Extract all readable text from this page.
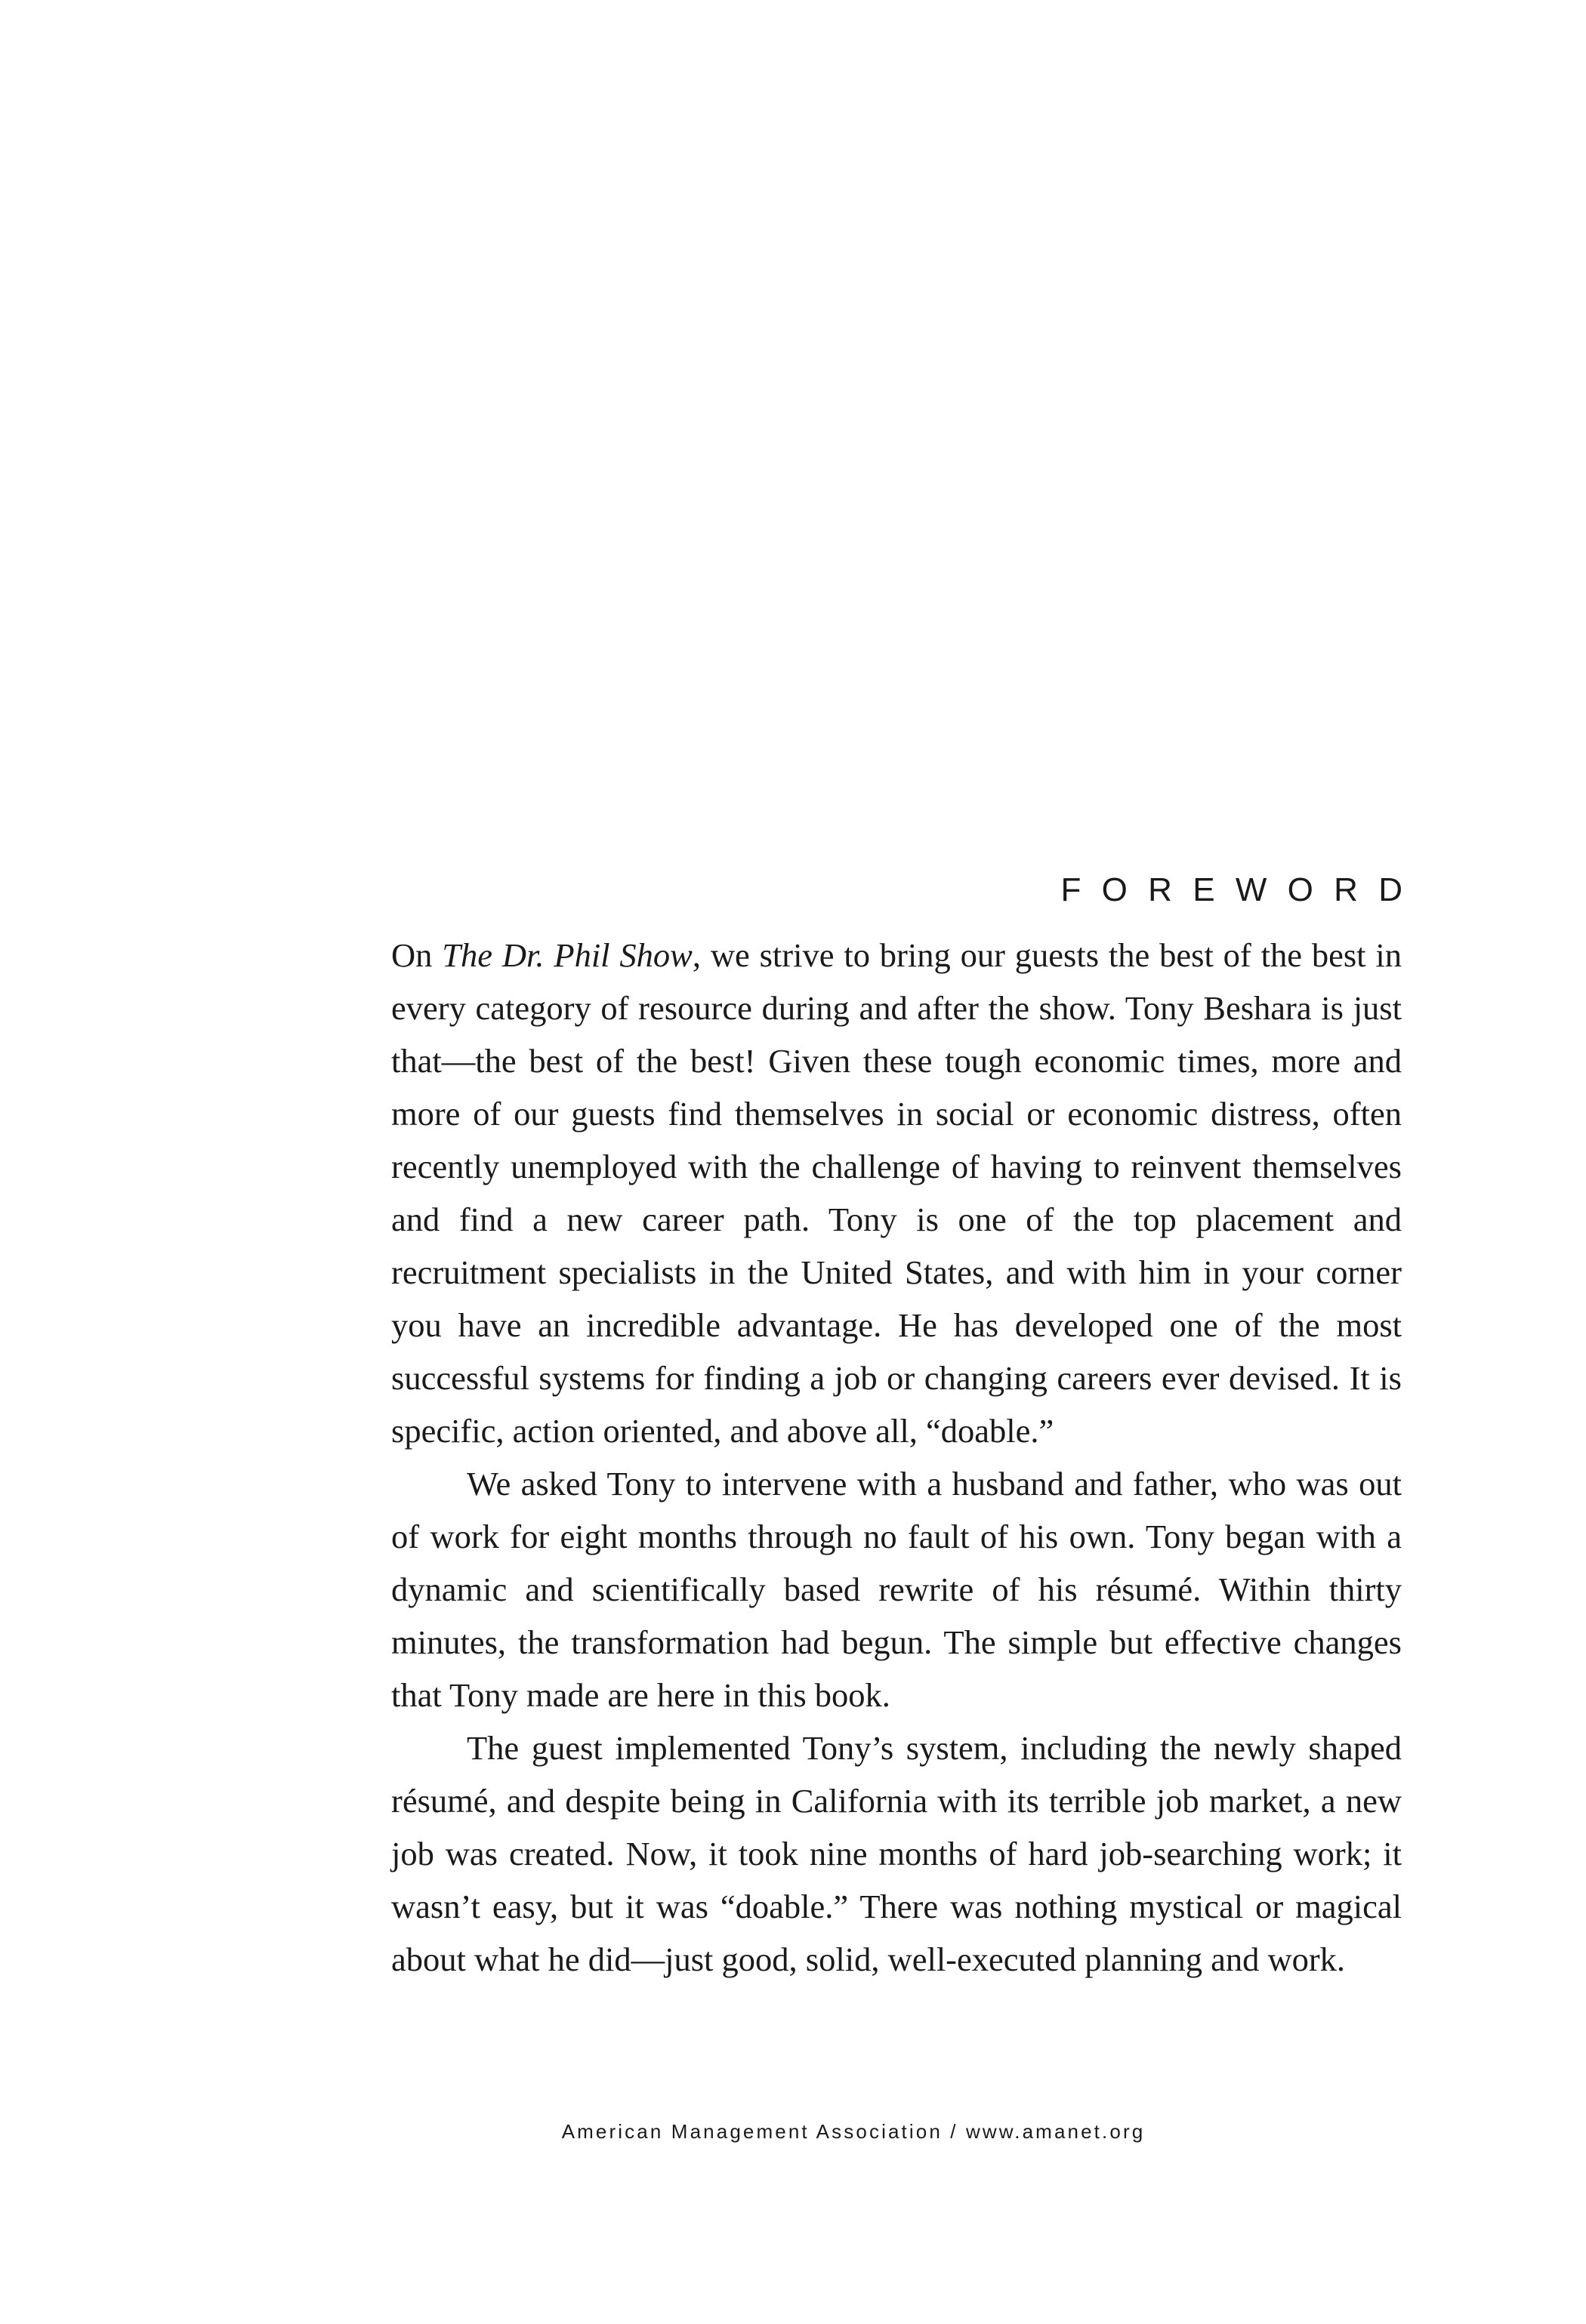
FOREWORD

On The Dr. Phil Show, we strive to bring our guests the best of the best in every category of resource during and after the show. Tony Beshara is just that—the best of the best! Given these tough economic times, more and more of our guests find themselves in social or economic distress, often recently unemployed with the challenge of having to reinvent themselves and find a new career path. Tony is one of the top placement and recruitment specialists in the United States, and with him in your corner you have an incredible advantage. He has developed one of the most successful systems for finding a job or changing careers ever devised. It is specific, action oriented, and above all, “doable.”

We asked Tony to intervene with a husband and father, who was out of work for eight months through no fault of his own. Tony began with a dynamic and scientifically based rewrite of his résumé. Within thirty minutes, the transformation had begun. The simple but effective changes that Tony made are here in this book.

The guest implemented Tony’s system, including the newly shaped résumé, and despite being in California with its terrible job market, a new job was created. Now, it took nine months of hard job-searching work; it wasn’t easy, but it was “doable.” There was nothing mystical or magical about what he did—just good, solid, well-executed planning and work.

American Management Association / www.amanet.org
